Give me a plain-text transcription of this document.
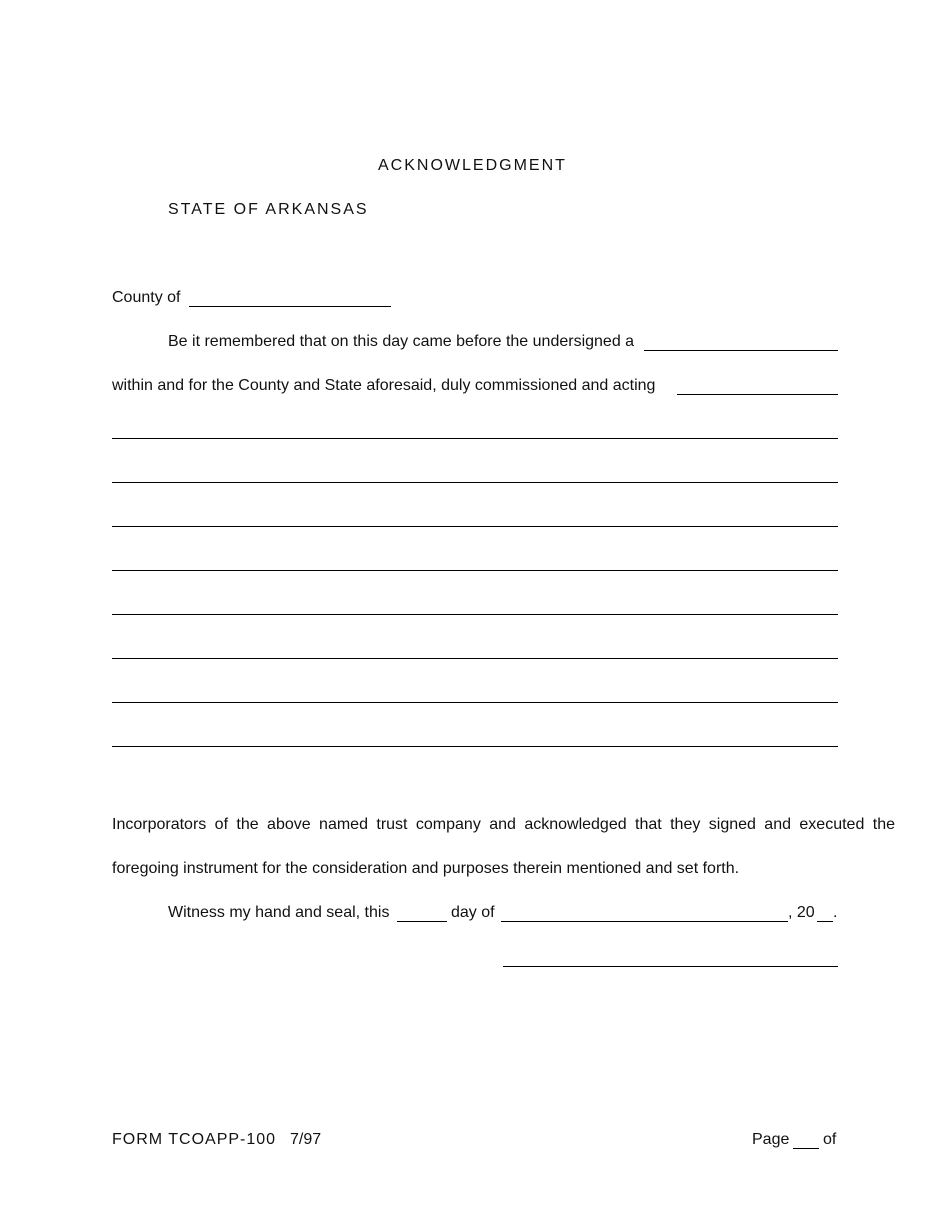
ACKNOWLEDGMENT
STATE OF ARKANSAS
County of
Be it remembered that on this day came before the undersigned a
within and for the County and State aforesaid, duly commissioned and acting
Incorporators of the above named trust company and acknowledged that they signed and executed the
foregoing instrument for the consideration and purposes therein mentioned and set forth.
Witness my hand and seal, this	day of	, 20 .
FORM TCOAPP-100 7/97	Page of
